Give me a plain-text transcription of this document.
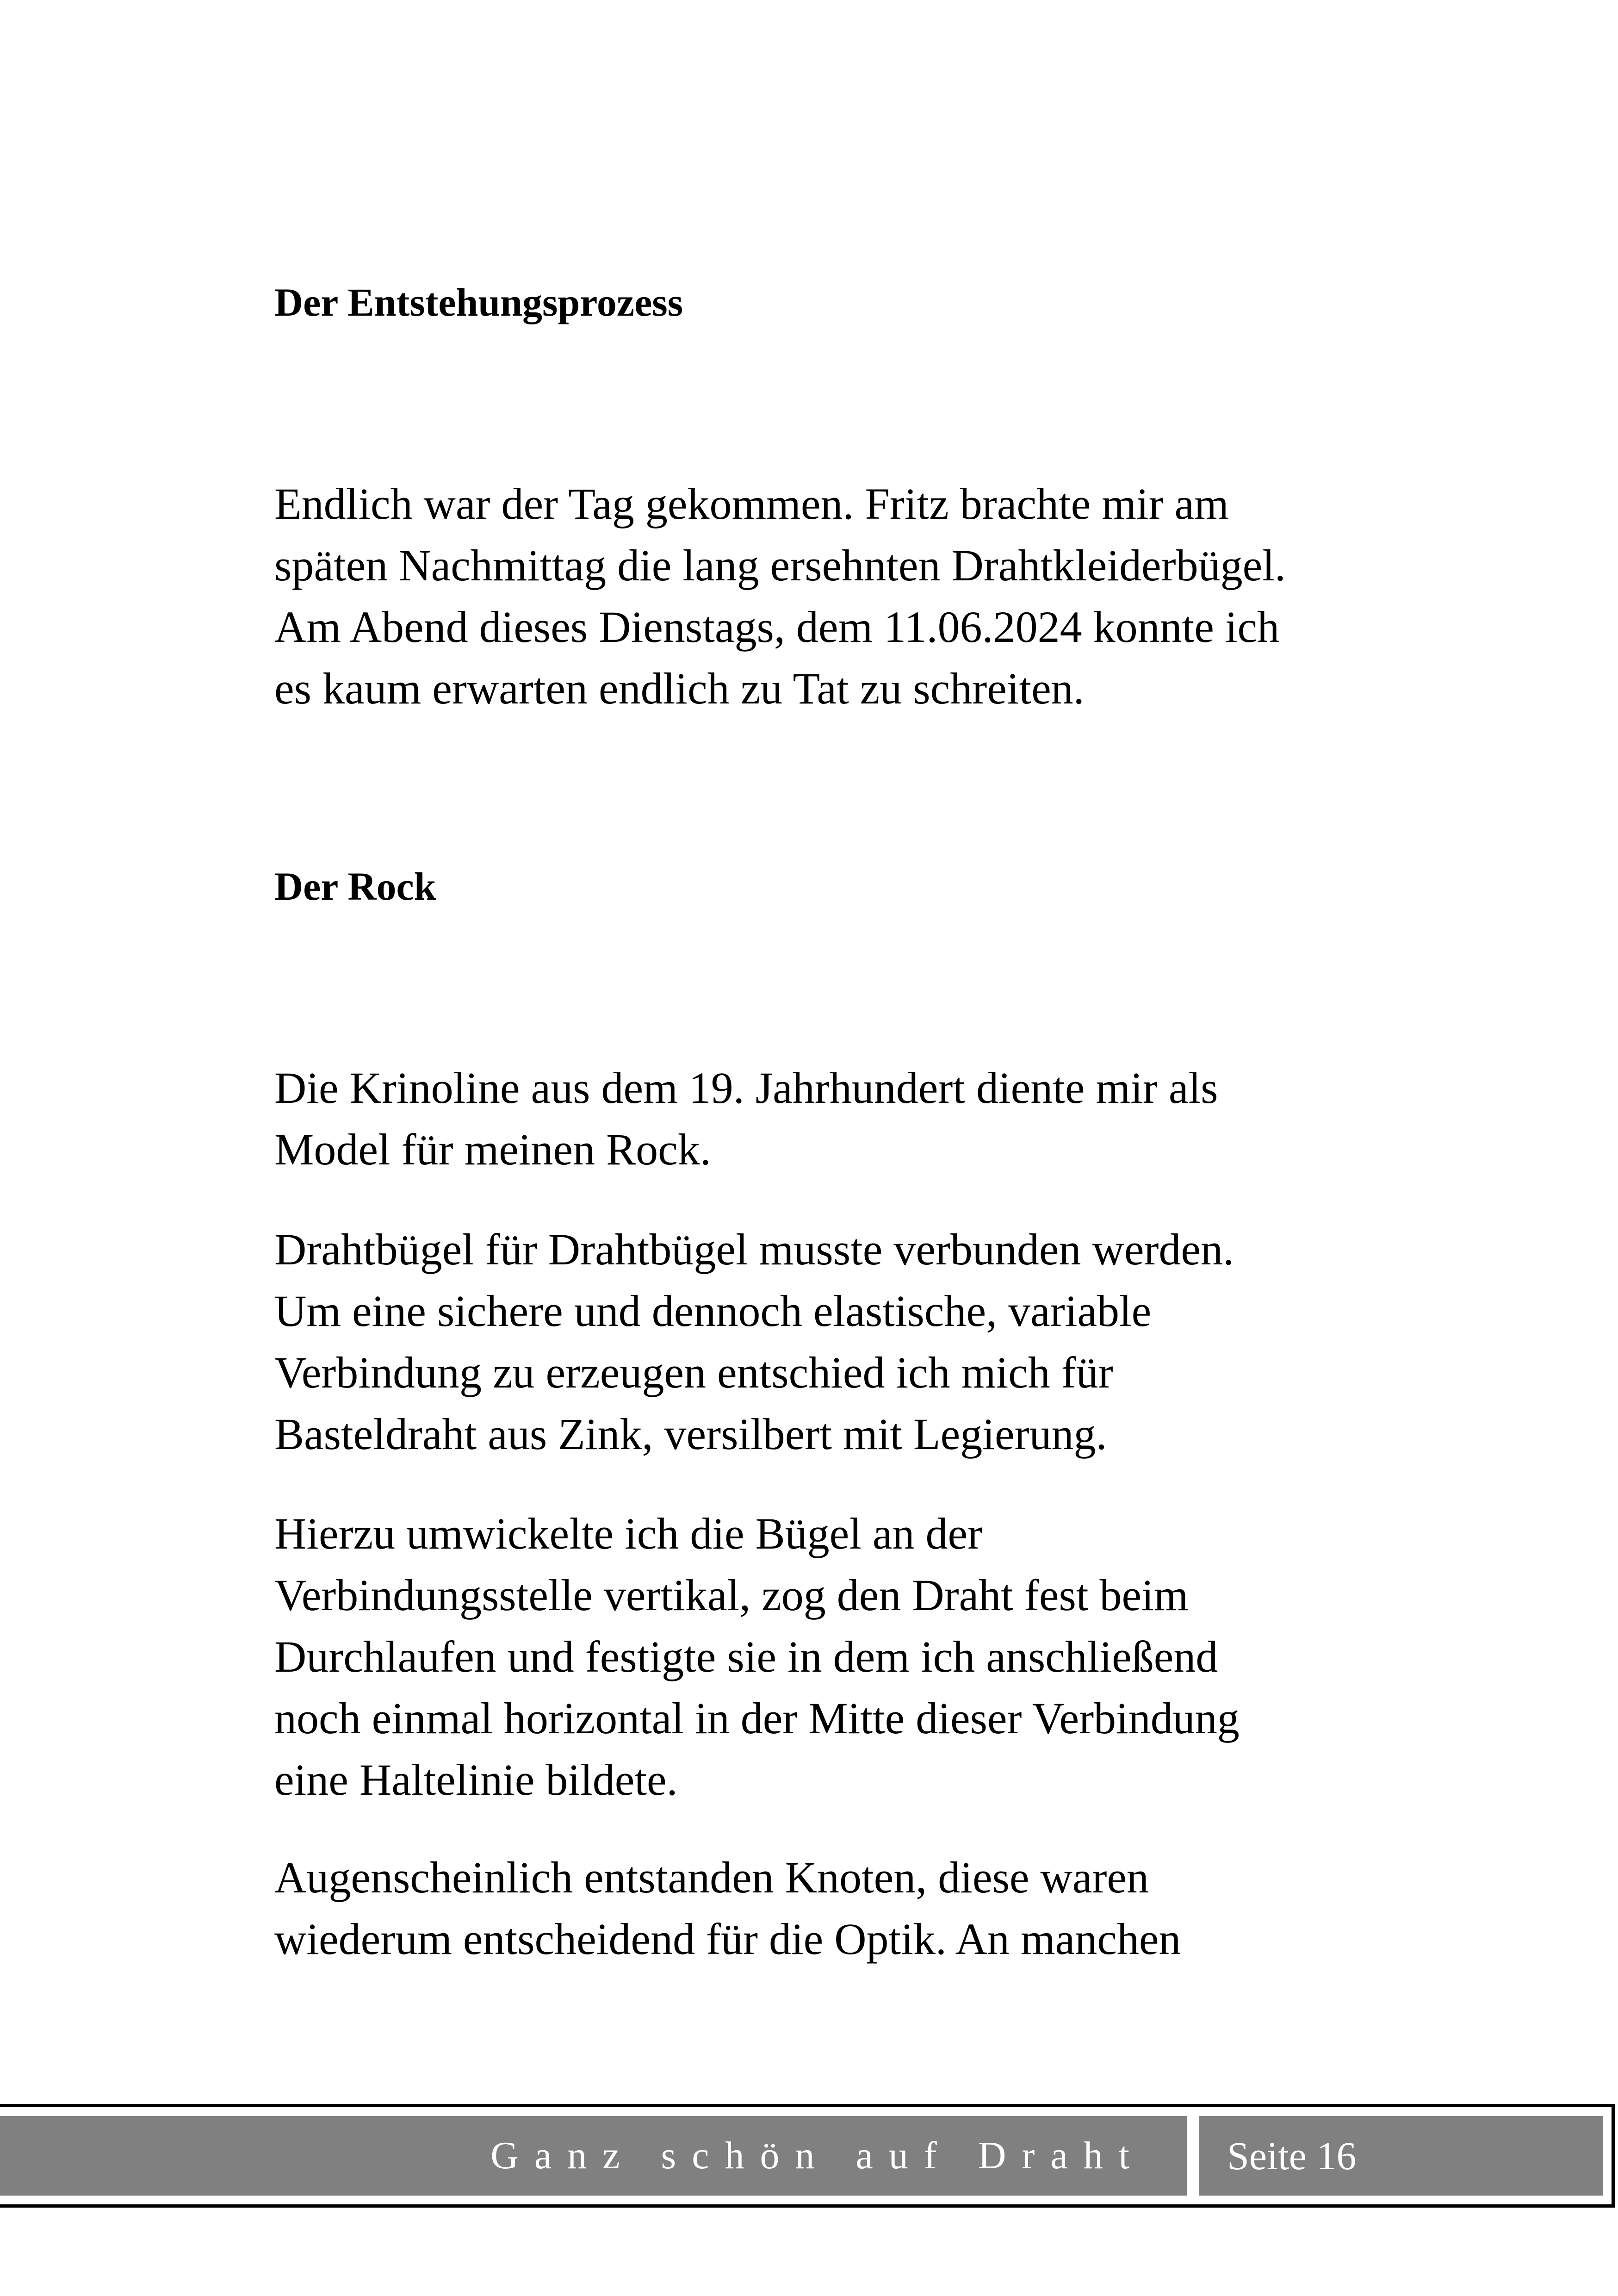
Der Entstehungsprozess

Endlich war der Tag gekommen. Fritz brachte mir am
späten Nachmittag die lang ersehnten Drahtkleiderbügel.
Am Abend dieses Dienstags, dem 11.06.2024 konnte ich
es kaum erwarten endlich zu Tat zu schreiten.

Der Rock

Die Krinoline aus dem 19. Jahrhundert diente mir als
Model für meinen Rock.

Drahtbügel für Drahtbügel musste verbunden werden.
Um eine sichere und dennoch elastische, variable
Verbindung zu erzeugen entschied ich mich für
Basteldraht aus Zink, versilbert mit Legierung.

Hierzu umwickelte ich die Bügel an der
Verbindungsstelle vertikal, zog den Draht fest beim
Durchlaufen und festigte sie in dem ich anschließend
noch einmal horizontal in der Mitte dieser Verbindung
eine Haltelinie bildete.

Augenscheinlich entstanden Knoten, diese waren
wiederum entscheidend für die Optik. An manchen

Ganz schön auf Draht Seite 16
